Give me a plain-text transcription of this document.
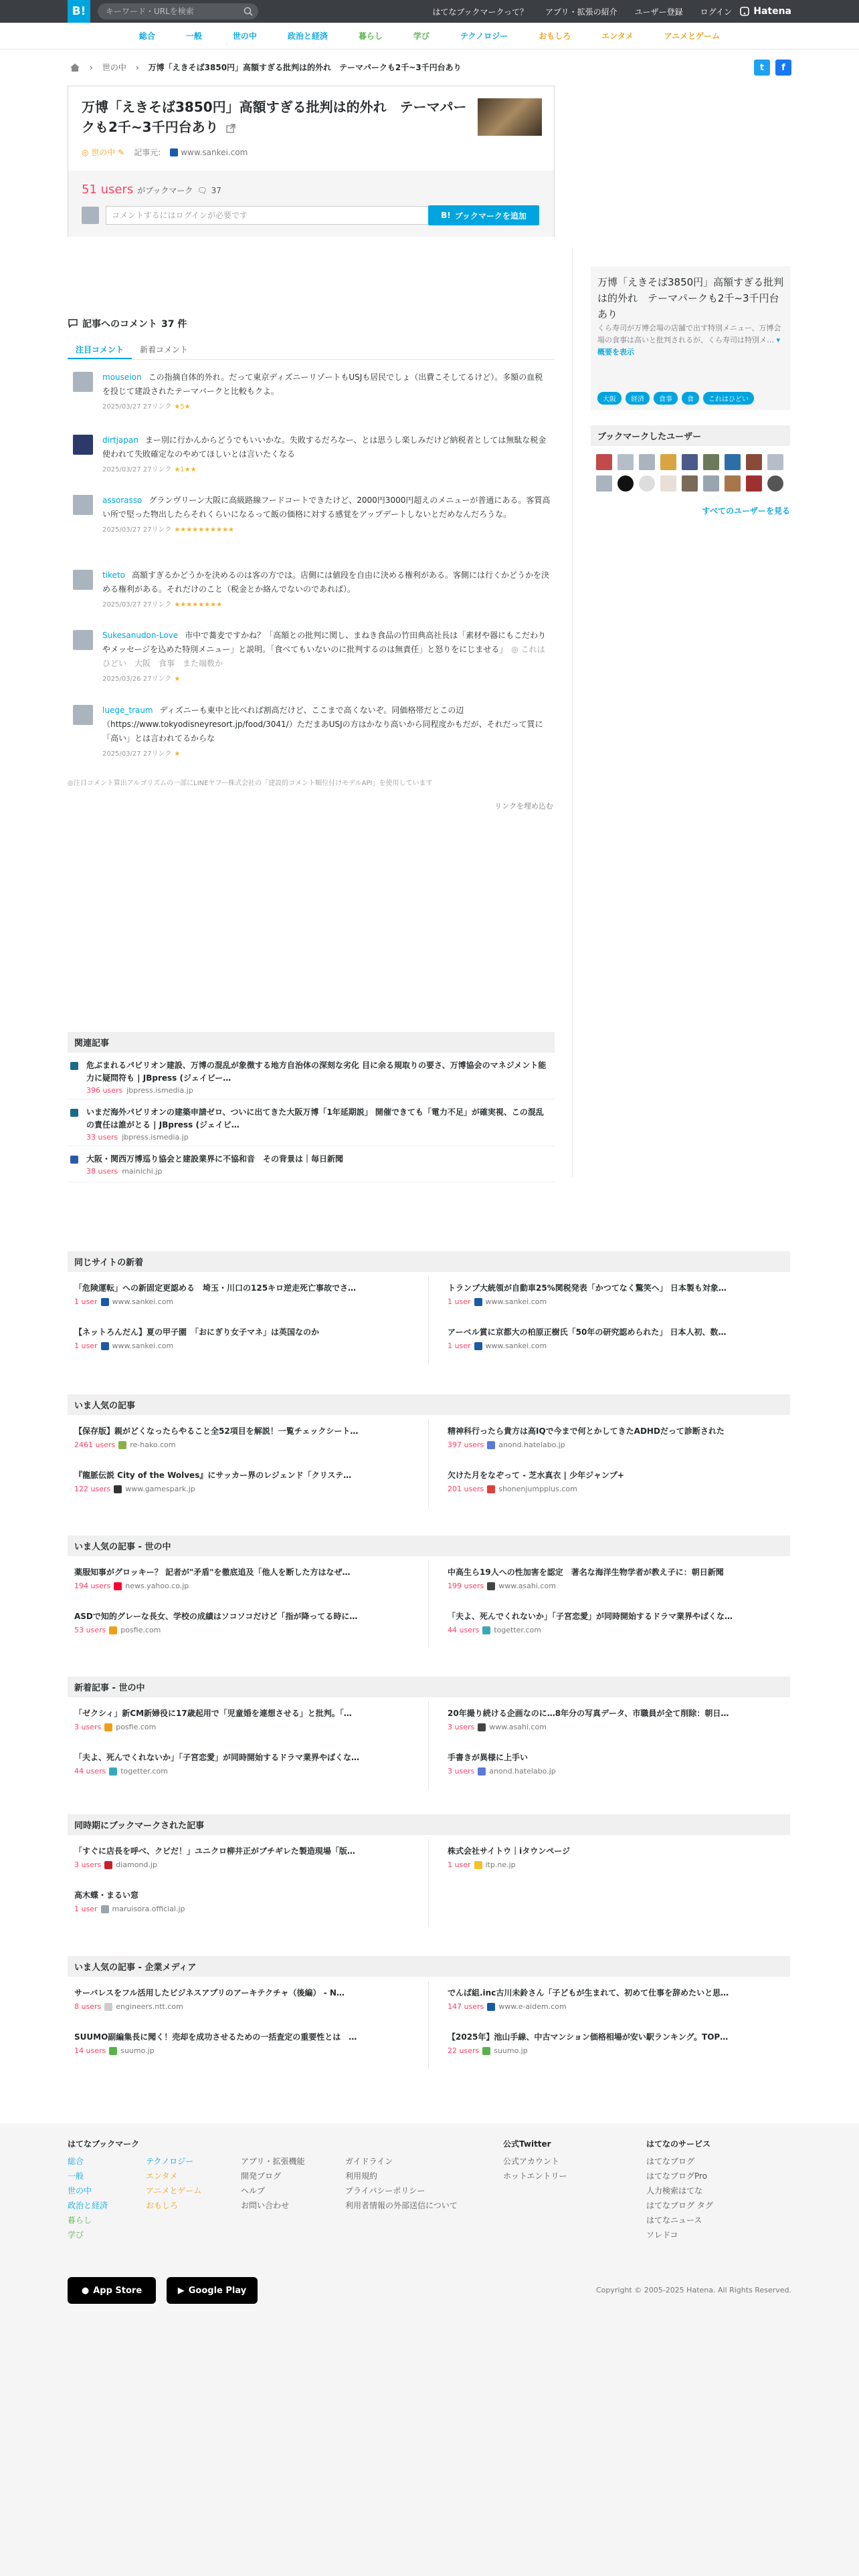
B!	キーワード・URLを検索	はてなブックマークって？ アプリ・拡張の紹介 ユーザー登録 ログイン Hatena
総合	一般	世の中	政治と経済	暮らし	学び	テクノロジー	おもしろ	エンタメ	アニメとゲーム
› 世の中 › 万博「えきそば3850円」高額すぎる批判は的外れ　テーマパークも2千~3千円台あり	t	f
万博「えきそば3850円」高額すぎる批判は的外れ　テーマパークも2千~3千円台あり
◎ 世の中 ✎ 記事元:	www.sankei.com
51 users がブックマーク 🗨 37
コメントするにはログインが必要です	B! ブックマークを追加
万博「えきそば3850円」高額すぎる批判は的外れ　テーマパークも2千~3千円台あり
くら寿司が万博会場の店舗で出す特別メニュー、万博会場の食事は高いと批判されるが、くら寿司は特別メ… ▾ 概要を表示
大阪	経済	食事	食	これはひどい
ブックマークしたユーザー
すべてのユーザーを見る
記事へのコメント 37 件
注目コメント	新着コメント
mouseion この指摘自体的外れ。だって東京ディズニーリゾートもUSJも居民でしょ（出費こそしてるけど）。多額の血税を投じて建設されたテーマパークと比較もクよ。
2025/03/27 27リンク ★5★
dirtjapan まー別に行かんからどうでもいいかな。失敗するだろなー、とは思うし楽しみだけど納税者としては無駄な税金使われて失敗確定なのやめてほしいとは言いたくなる
2025/03/27 27リンク ★1★★
assorasso グランヴリーン大阪に高級路線フードコートできたけど、2000円3000円超えのメニューが普通にある。客質高い所で堅った物出したらそれくらいになるって飯の価格に対する感覚をアップデートしないとだめなんだろうな。
2025/03/27 27リンク ★★★★★★★★★★
tiketo 高額すぎるかどうかを決めるのは客の方では。店側には値段を自由に決める権利がある。客側には行くかどうかを決める権利がある。それだけのこと（税金とか絡んでないのであれば）。
2025/03/27 27リンク ★★★★★★★★
Sukesanudon-Love 市中で蕎麦ですかね？「高額との批判に関し、まねき食品の竹田典高社長は「素材や器にもこだわりやメッセージを込めた特別メニュー」と説明。「食べてもいないのに批判するのは無責任」と怒りをにじませる」 ◎ これはひどい　大阪　食事　また端数か
2025/03/26 27リンク ★
luege_traum ディズニーも東中と比べれば割高だけど、ここまで高くないぞ。同価格帯だとこの辺（https://www.tokyodisneyresort.jp/food/3041/）ただまあUSJの方はかなり高いから同程度かもだが、それだって質に「高い」とは言われてるからな
2025/03/27 27リンク ★
◎注目コメント算出アルゴリズムの一部にLINEヤフー株式会社の「建設的コメント順位付けモデルAPI」を使用しています
リンクを埋め込む
関連記事
危ぶまれるパビリオン建設、万博の混乱が象徴する地方自治体の深刻な劣化 目に余る規取りの要さ、万博協会のマネジメント能力に疑問符も | JBpress (ジェイビー…
396 users jbpress.ismedia.jp
いまだ海外パビリオンの建築申請ゼロ、ついに出てきた大阪万博「1年延期説」 開催できても「電力不足」が確実視、この混乱の責任は誰がとる | JBpress (ジェイビ…
33 users jbpress.ismedia.jp
大阪・関西万博巡り協会と建設業界に不協和音　その背景は｜毎日新聞
38 users mainichi.jp
同じサイトの新着
「危険運転」への新固定更認める　埼玉・川口の125キロ逆走死亡事故でさ…
1 user www.sankei.com
トランプ大統領が自動車25%関税発表「かつてなく驚笑へ」 日本製も対象…
1 user www.sankei.com
【ネットろんだん】夏の甲子園　「おにぎり女子マネ」は英国なのか
1 user www.sankei.com
アーベル賞に京都大の柏原正樹氏「50年の研究認められた」 日本人初、数…
1 user www.sankei.com
いま人気の記事
【保存版】親がどくなったらやること全52項目を解説！一覧チェックシート…
2461 users re-hako.com
精神科行ったら貴方は高IQで今まで何とかしてきたADHDだって診断された
397 users anond.hatelabo.jp
『龍脈伝説 City of the Wolves』にサッカー界のレジェンド「クリステ…
122 users www.gamespark.jp
欠けた月をなぞって - 芝水真衣 | 少年ジャンプ+
201 users shonenjumpplus.com
いま人気の記事 - 世の中
薬服知事がグロッキー？ 記者が"矛盾"を徹底追及「他人を断した方はなぜ…
194 users news.yahoo.co.jp
中高生ら19人への性加害を認定　著名な海洋生物学者が教え子に：朝日新聞
199 users www.asahi.com
ASDで知的グレーな長女、学校の成績はソコソコだけど「指が降ってる時に…
53 users posfie.com
「夫よ、死んでくれないか」「子宮恋愛」が同時開始するドラマ業界やばくな…
44 users togetter.com
新着記事 - 世の中
「ゼクシィ」新CM新婦役に17歳起用で「児童婚を連想させる」と批判。「…
3 users posfie.com
20年撮り続ける企画なのに…8年分の写真データ、市職員が全て削除：朝日…
3 users www.asahi.com
「夫よ、死んでくれないか」「子宮恋愛」が同時開始するドラマ業界やばくな…
44 users togetter.com
手書きが異様に上手い
3 users anond.hatelabo.jp
同時期にブックマークされた記事
「すぐに店長を呼べ、クビだ！」ユニクロ柳井正がブチギレた製造現場「版…
3 users diamond.jp
株式会社サイトウ｜iタウンページ
1 user itp.ne.jp
高木蝶・まるい窓
1 user maruisora.official.jp
いま人気の記事 - 企業メディア
サーバレスをフル活用したビジネスアプリのアーキテクチャ（後編） - N…
8 users engineers.ntt.com
でんぱ組.inc古川未鈴さん「子どもが生まれて、初めて仕事を辞めたいと思…
147 users www.e-aidem.com
SUUMO副編集長に聞く！売却を成功させるための一括査定の重要性とは　…
14 users suumo.jp
【2025年】池山手線、中古マンション価格相場が安い駅ランキング。TOP…
22 users suumo.jp
はてなブックマーク
総合
一般
世の中
政治と経済
暮らし
学び
テクノロジー
エンタメ
アニメとゲーム
おもしろ
アプリ・拡張機能
開発ブログ
ヘルプ
お問い合わせ
ガイドライン
利用規約
プライバシーポリシー
利用者情報の外部送信について
公式Twitter
公式アカウント
ホットエントリー
はてなのサービス
はてなブログ
はてなブログPro
人力検索はてな
はてなブログ タグ
はてなニュース
ソレドコ
● App Store	▶ Google Play	Copyright © 2005-2025 Hatena. All Rights Reserved.
